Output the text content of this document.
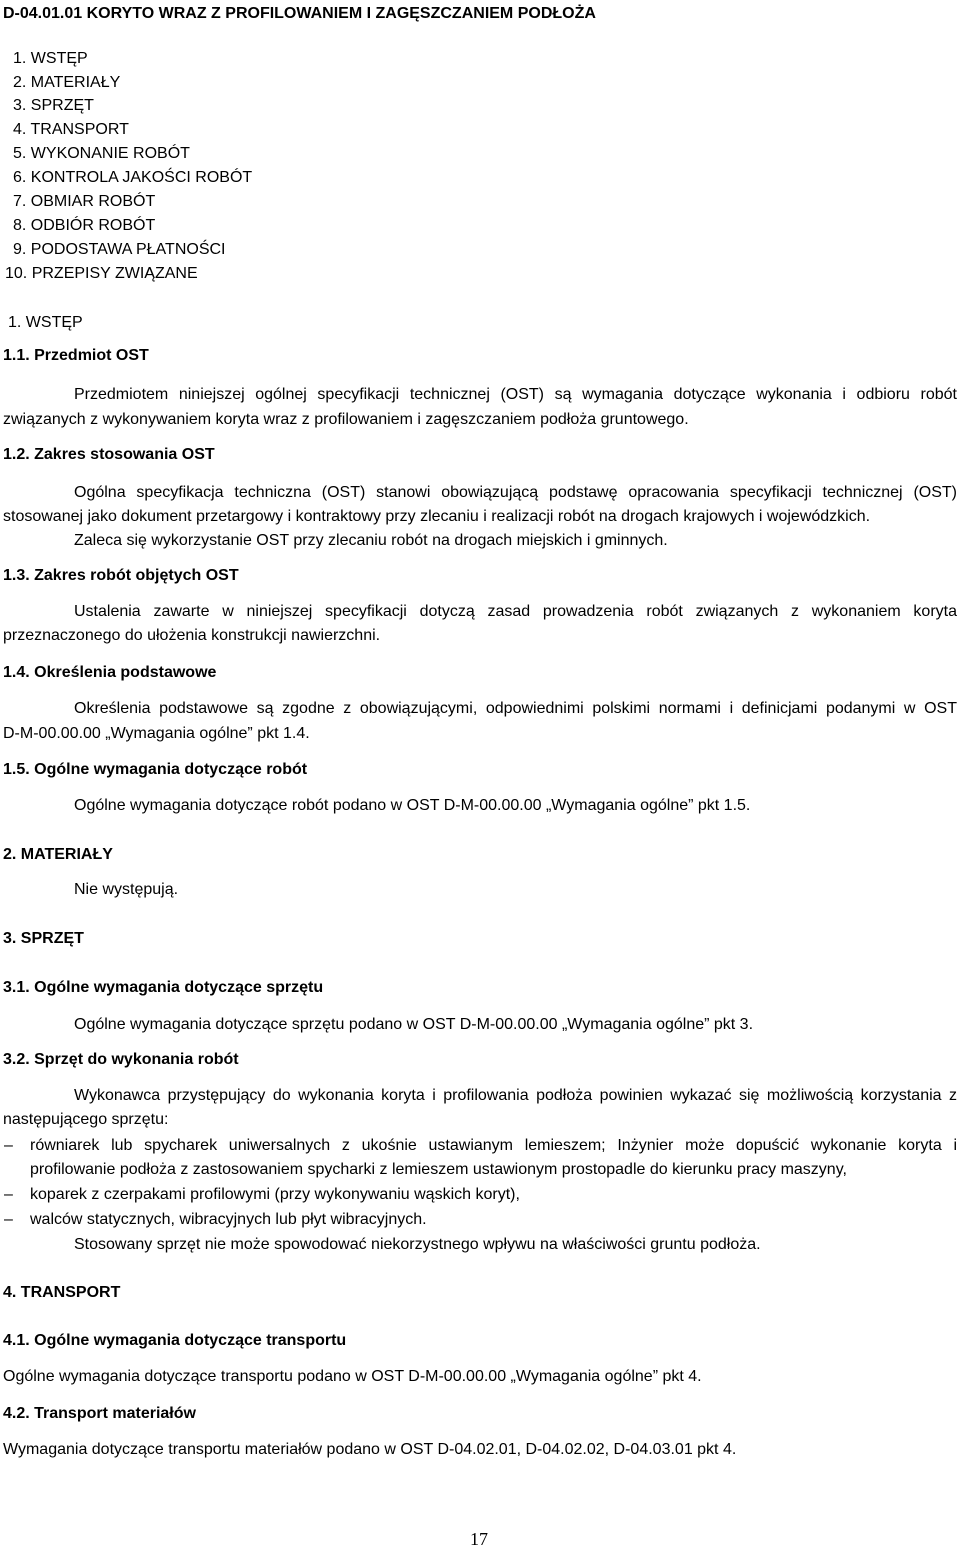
D-04.01.01 KORYTO WRAZ Z PROFILOWANIEM I ZAGĘSZCZANIEM PODŁOŻA
1. WSTĘP
2. MATERIAŁY
3. SPRZĘT
4. TRANSPORT
5. WYKONANIE ROBÓT
6. KONTROLA JAKOŚCI ROBÓT
7. OBMIAR ROBÓT
8. ODBIÓR ROBÓT
9. PODOSTAWA PŁATNOŚCI
10. PRZEPISY ZWIĄZANE
1. WSTĘP
1.1. Przedmiot OST
Przedmiotem niniejszej ogólnej specyfikacji technicznej (OST) są wymagania dotyczące wykonania i odbioru robót
związanych z wykonywaniem koryta wraz z profilowaniem i zagęszczaniem podłoża gruntowego.
1.2. Zakres stosowania OST
Ogólna specyfikacja techniczna (OST) stanowi obowiązującą podstawę opracowania specyfikacji technicznej (OST)
stosowanej jako dokument przetargowy i kontraktowy przy zlecaniu i realizacji robót na drogach krajowych i wojewódzkich.
Zaleca się wykorzystanie OST przy zlecaniu robót na drogach miejskich i gminnych.
1.3. Zakres robót objętych OST
Ustalenia zawarte w niniejszej specyfikacji dotyczą zasad prowadzenia robót związanych z wykonaniem koryta
przeznaczonego do ułożenia konstrukcji nawierzchni.
1.4. Określenia podstawowe
Określenia podstawowe są zgodne z obowiązującymi, odpowiednimi polskimi normami i definicjami podanymi w OST
D-M-00.00.00 „Wymagania ogólne” pkt 1.4.
1.5. Ogólne wymagania dotyczące robót
Ogólne wymagania dotyczące robót podano w OST D-M-00.00.00 „Wymagania ogólne” pkt 1.5.
2. MATERIAŁY
Nie występują.
3. SPRZĘT
3.1. Ogólne wymagania dotyczące sprzętu
Ogólne wymagania dotyczące sprzętu podano w OST D-M-00.00.00 „Wymagania ogólne” pkt 3.
3.2. Sprzęt do wykonania robót
Wykonawca przystępujący do wykonania koryta i profilowania podłoża powinien wykazać się możliwością korzystania z
następującego sprzętu:
– równiarek lub spycharek uniwersalnych z ukośnie ustawianym lemieszem; Inżynier może dopuścić wykonanie koryta i
profilowanie podłoża z zastosowaniem spycharki z lemieszem ustawionym prostopadle do kierunku pracy maszyny,
– koparek z czerpakami profilowymi (przy wykonywaniu wąskich koryt),
– walców statycznych, wibracyjnych lub płyt wibracyjnych.
Stosowany sprzęt nie może spowodować niekorzystnego wpływu na właściwości gruntu podłoża.
4. TRANSPORT
4.1. Ogólne wymagania dotyczące transportu
Ogólne wymagania dotyczące transportu podano w OST D-M-00.00.00 „Wymagania ogólne” pkt 4.
4.2. Transport materiałów
Wymagania dotyczące transportu materiałów podano w OST D-04.02.01, D-04.02.02, D-04.03.01 pkt 4.
17
